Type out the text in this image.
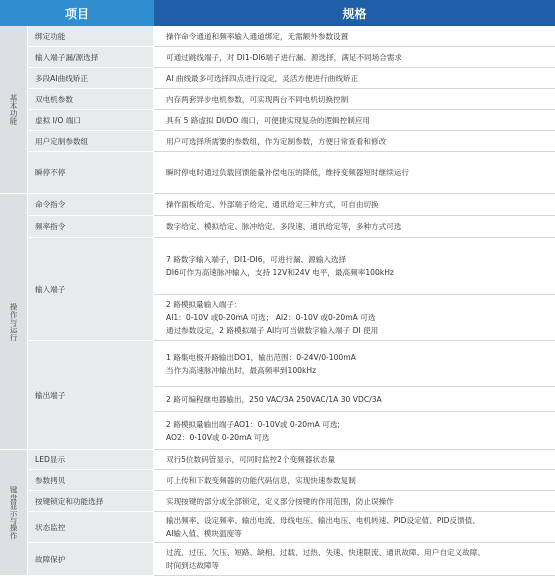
项目	规格
基本功能
操作与运行
键盘显示与操作
绑定功能
输入端子漏/源选择
多段AI曲线矫正
双电机参数
虚拟 I/O 端口
用户定制参数组
瞬停不停
命令指令
频率指令
输入端子
输出端子
LED显示
参数拷贝
按键锁定和功能选择
状态监控
故障保护
操作命令通道和频率输入通道绑定，无需额外参数设置
可通过跳线端子，对 DI1-DI6端子进行漏、源选择，满足不同场合需求
AI 曲线最多可选择四点进行设定，灵活方便进行曲线矫正
内存两套异步电机参数，可实现两台不同电机切换控制
具有 5 路虚拟 DI/DO 端口，可便捷实现复杂的逻辑控制应用
用户可选择所需要的参数组，作为定制参数，方便日常查看和修改
瞬时停电时通过负载回馈能量补偿电压的降低，维持变频器短时继续运行
操作面板给定、外部端子给定、通讯给定三种方式，可自由切换
数字给定、模拟给定、脉冲给定、多段速、通讯给定等，多种方式可选
7 路数字输入端子，DI1-DI6，可进行漏、源输入选择
DI6可作为高速脉冲输入，支持 12V和24V 电平，最高频率100kHz
2 路模拟量输入端子：
AI1：0-10V 或0-20mA 可选； AI2：0-10V 或0-20mA 可选
通过参数设定，2 路模拟端子 AI均可当做数字输入端子 DI 使用
1 路集电极开路输出DO1，输出范围：0-24V/0-100mA
当作为高速脉冲输出时，最高频率到100kHz
2 路可编程继电器输出，250 VAC/3A 250VAC/1A 30 VDC/3A
2 路模拟量输出端子AO1：0-10V或 0-20mA 可选;
AO2：0-10V或 0-20mA 可选
双行5位数码管显示，可同时监控2个变频器状态量
可上传和下载变频器的功能代码信息，实现快速参数复制
实现按键的部分或全部锁定，定义部分按键的作用范围，防止误操作
输出频率、设定频率、输出电流、母线电压、输出电压、电机转速、PID设定值、PID反馈值、
AI输入值、模块温度等
过流、过压、欠压、短路、缺相、过载、过热、失速、快速限流、通讯故障、用户自定义故障、
时间到达故障等
